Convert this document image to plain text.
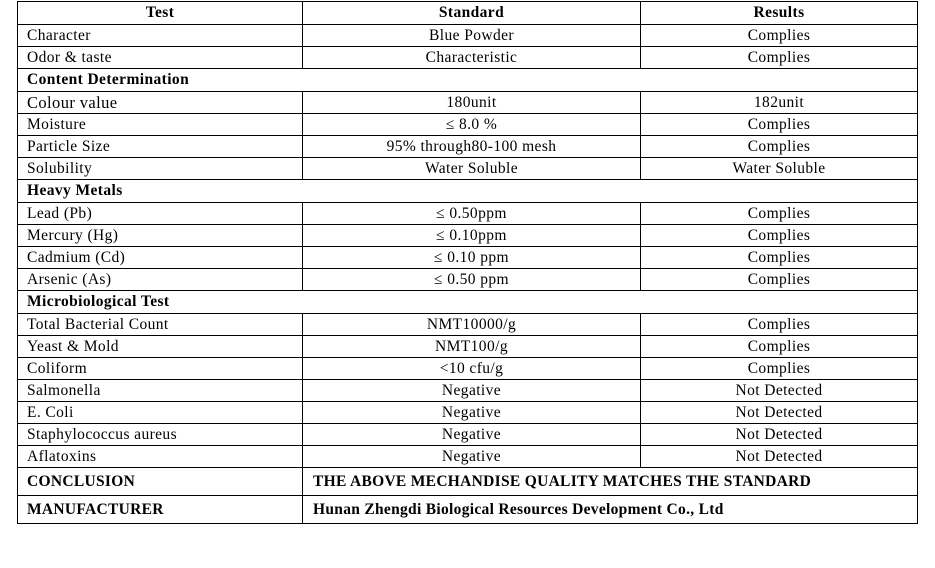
Test	Standard	Results
Character	Blue Powder	Complies
Odor & taste	Characteristic	Complies
Content Determination		
Colour value	180unit	182unit
Moisture	≤ 8.0 %	Complies
Particle Size	95% through80-100 mesh	Complies
Solubility	Water Soluble	Water Soluble
Heavy Metals		
Lead (Pb)	≤ 0.50ppm	Complies
Mercury (Hg)	≤ 0.10ppm	Complies
Cadmium (Cd)	≤ 0.10 ppm	Complies
Arsenic (As)	≤ 0.50 ppm	Complies
Microbiological Test		
Total Bacterial Count	NMT10000/g	Complies
Yeast & Mold	NMT100/g	Complies
Coliform	<10 cfu/g	Complies
Salmonella	Negative	Not Detected
E. Coli	Negative	Not Detected
Staphylococcus aureus	Negative	Not Detected
Aflatoxins	Negative	Not Detected
CONCLUSION	THE ABOVE MECHANDISE QUALITY MATCHES THE STANDARD	
MANUFACTURER	Hunan Zhengdi Biological Resources Development Co., Ltd	
